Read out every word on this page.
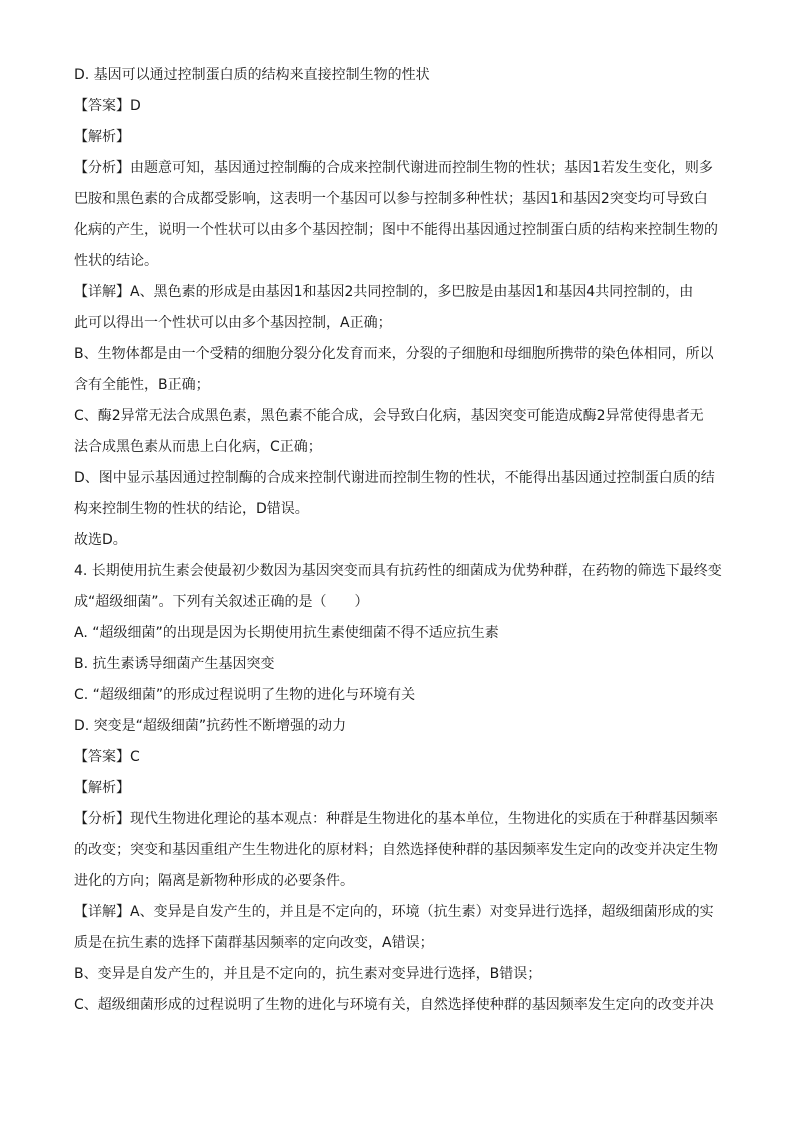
D. 基因可以通过控制蛋白质的结构来直接控制生物的性状
【答案】D
【解析】
【分析】由题意可知，基因通过控制酶的合成来控制代谢进而控制生物的性状；基因1若发生变化，则多
巴胺和黑色素的合成都受影响，这表明一个基因可以参与控制多种性状；基因1和基因2突变均可导致白
化病的产生，说明一个性状可以由多个基因控制；图中不能得出基因通过控制蛋白质的结构来控制生物的
性状的结论。
【详解】A、黑色素的形成是由基因1和基因2共同控制的，多巴胺是由基因1和基因4共同控制的，由
此可以得出一个性状可以由多个基因控制，A正确；
B、生物体都是由一个受精的细胞分裂分化发育而来，分裂的子细胞和母细胞所携带的染色体相同，所以
含有全能性，B正确；
C、酶2异常无法合成黑色素，黑色素不能合成，会导致白化病，基因突变可能造成酶2异常使得患者无
法合成黑色素从而患上白化病，C正确；
D、图中显示基因通过控制酶的合成来控制代谢进而控制生物的性状，不能得出基因通过控制蛋白质的结
构来控制生物的性状的结论，D错误。
故选D。
4. 长期使用抗生素会使最初少数因为基因突变而具有抗药性的细菌成为优势种群，在药物的筛选下最终变
成“超级细菌”。下列有关叙述正确的是（　　）
A. “超级细菌”的出现是因为长期使用抗生素使细菌不得不适应抗生素
B. 抗生素诱导细菌产生基因突变
C. “超级细菌”的形成过程说明了生物的进化与环境有关
D. 突变是“超级细菌”抗药性不断增强的动力
【答案】C
【解析】
【分析】现代生物进化理论的基本观点：种群是生物进化的基本单位，生物进化的实质在于种群基因频率
的改变；突变和基因重组产生生物进化的原材料；自然选择使种群的基因频率发生定向的改变并决定生物
进化的方向；隔离是新物种形成的必要条件。
【详解】A、变异是自发产生的，并且是不定向的，环境（抗生素）对变异进行选择，超级细菌形成的实
质是在抗生素的选择下菌群基因频率的定向改变，A错误；
B、变异是自发产生的，并且是不定向的，抗生素对变异进行选择，B错误；
C、超级细菌形成的过程说明了生物的进化与环境有关，自然选择使种群的基因频率发生定向的改变并决
